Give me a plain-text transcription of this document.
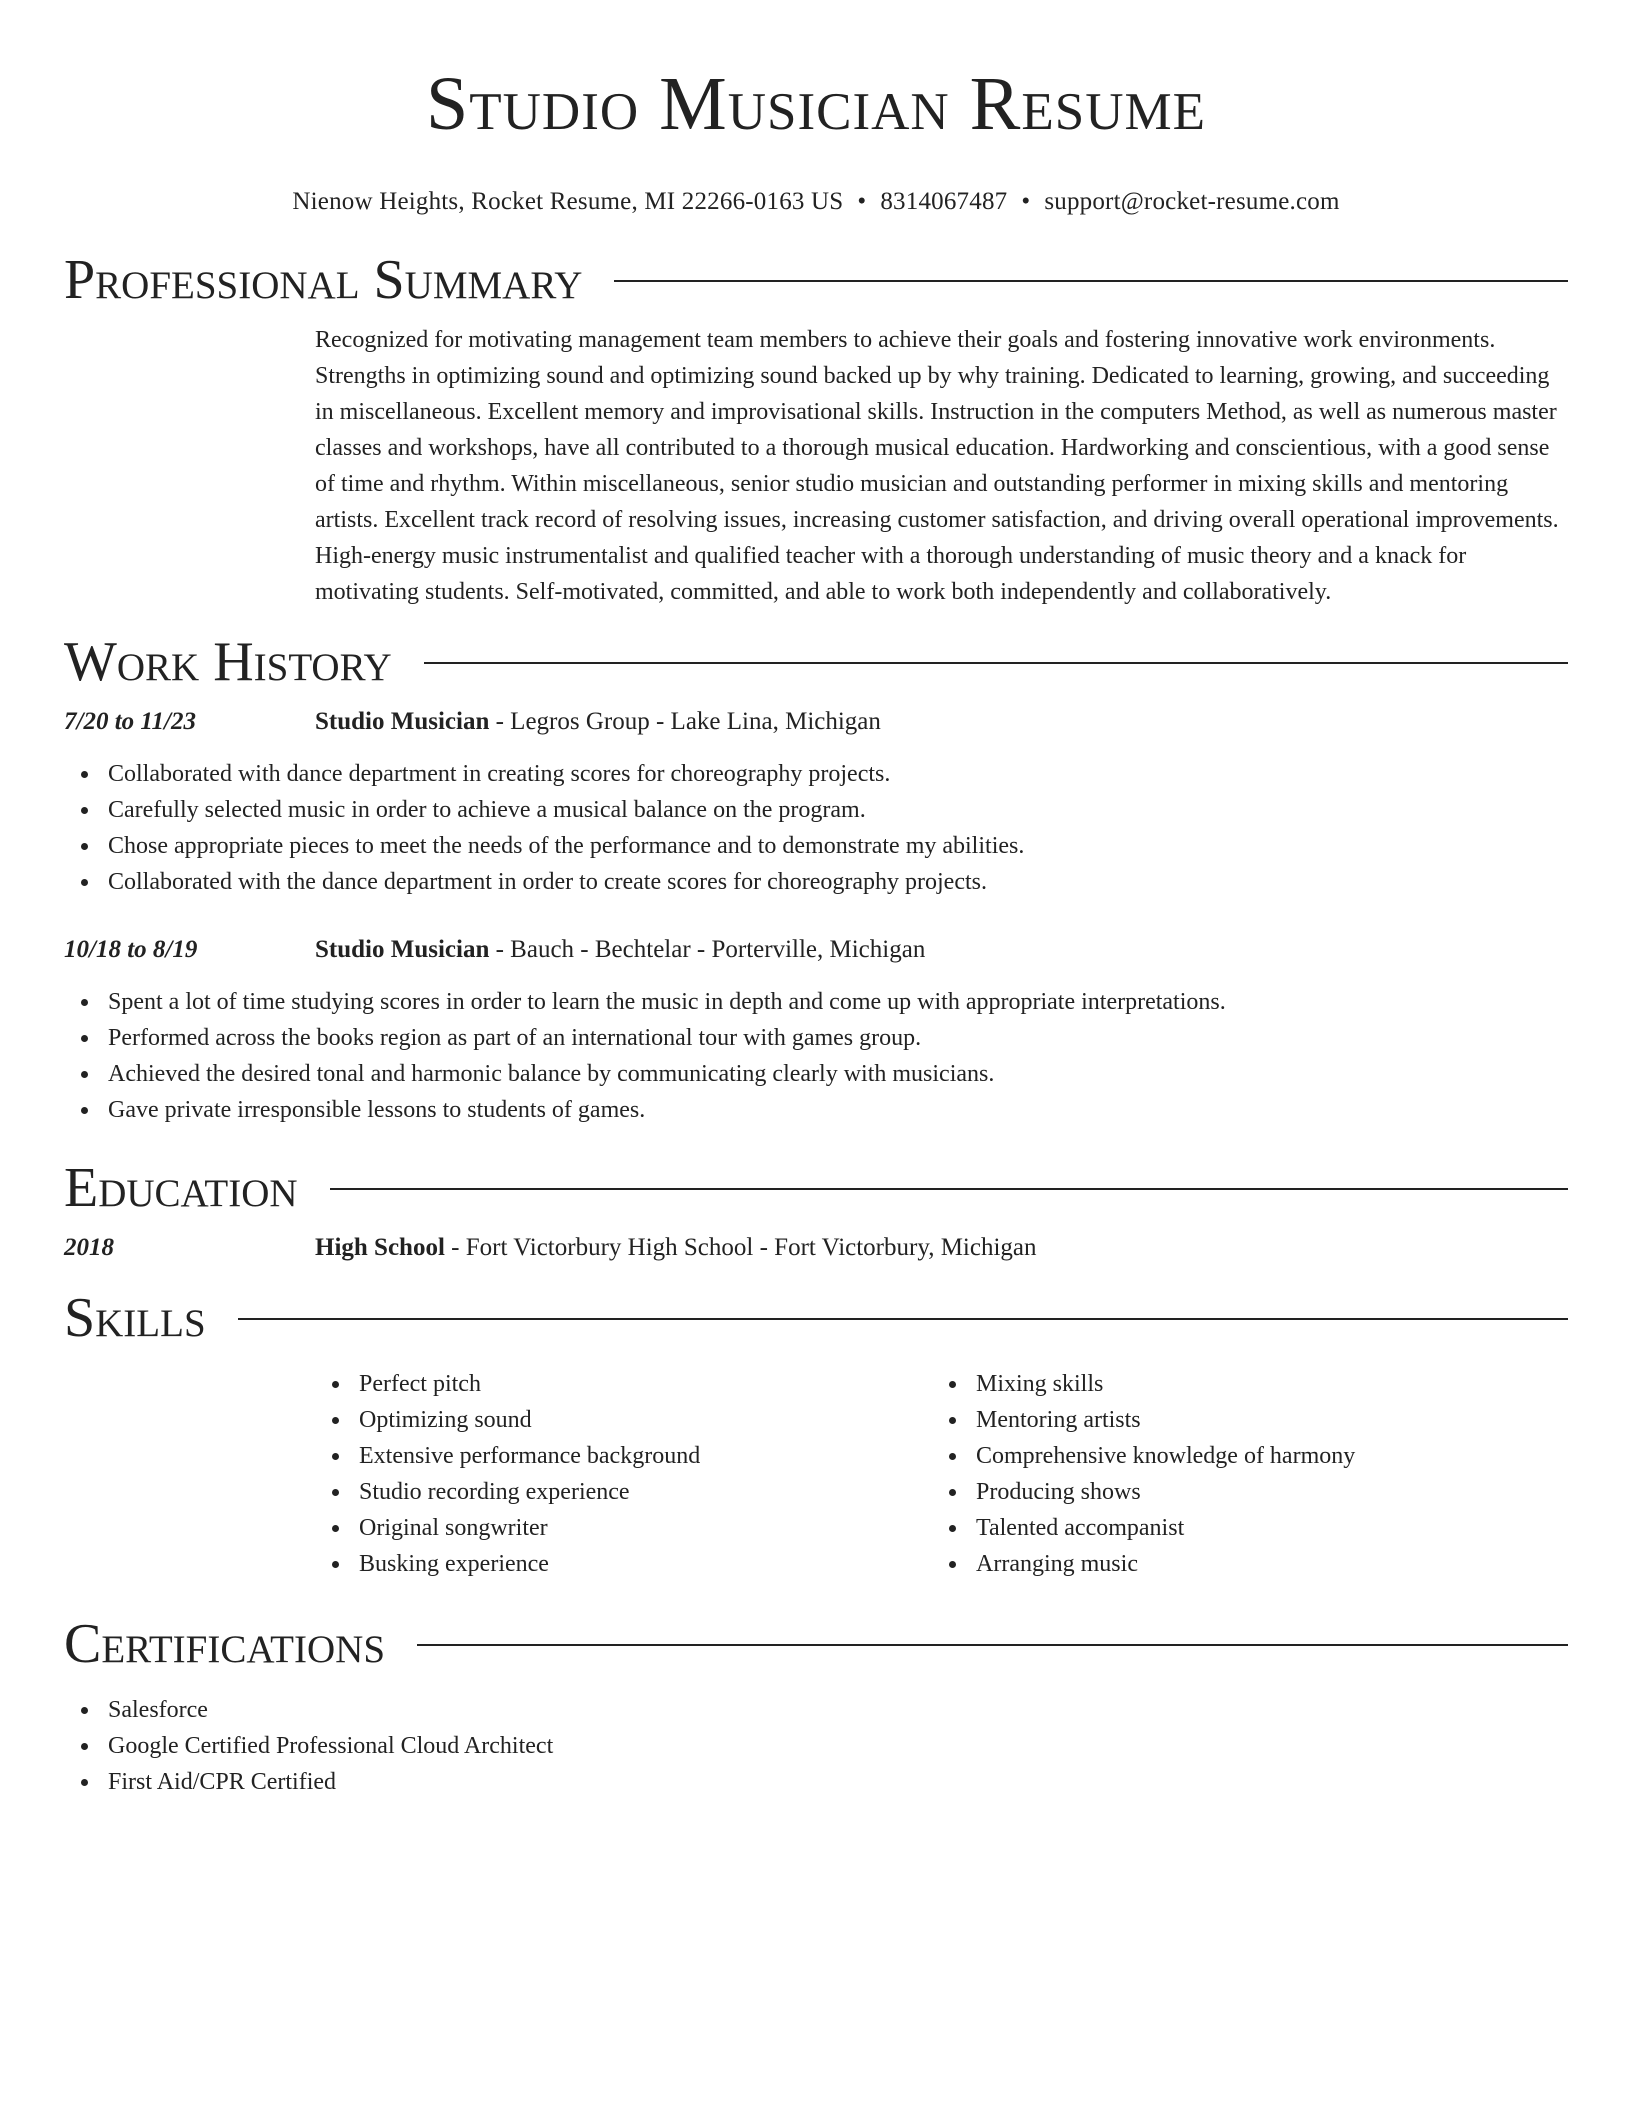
Studio Musician Resume
Nienow Heights, Rocket Resume, MI 22266-0163 US • 8314067487 • support@rocket-resume.com
Professional Summary
Recognized for motivating management team members to achieve their goals and fostering innovative work environments. Strengths in optimizing sound and optimizing sound backed up by why training. Dedicated to learning, growing, and succeeding in miscellaneous. Excellent memory and improvisational skills. Instruction in the computers Method, as well as numerous master classes and workshops, have all contributed to a thorough musical education. Hardworking and conscientious, with a good sense of time and rhythm. Within miscellaneous, senior studio musician and outstanding performer in mixing skills and mentoring artists. Excellent track record of resolving issues, increasing customer satisfaction, and driving overall operational improvements. High-energy music instrumentalist and qualified teacher with a thorough understanding of music theory and a knack for motivating students. Self-motivated, committed, and able to work both independently and collaboratively.
Work History
7/20 to 11/23	Studio Musician - Legros Group - Lake Lina, Michigan
Collaborated with dance department in creating scores for choreography projects.
Carefully selected music in order to achieve a musical balance on the program.
Chose appropriate pieces to meet the needs of the performance and to demonstrate my abilities.
Collaborated with the dance department in order to create scores for choreography projects.
10/18 to 8/19	Studio Musician - Bauch - Bechtelar - Porterville, Michigan
Spent a lot of time studying scores in order to learn the music in depth and come up with appropriate interpretations.
Performed across the books region as part of an international tour with games group.
Achieved the desired tonal and harmonic balance by communicating clearly with musicians.
Gave private irresponsible lessons to students of games.
Education
2018	High School - Fort Victorbury High School - Fort Victorbury, Michigan
Skills
Perfect pitch
Optimizing sound
Extensive performance background
Studio recording experience
Original songwriter
Busking experience
Mixing skills
Mentoring artists
Comprehensive knowledge of harmony
Producing shows
Talented accompanist
Arranging music
Certifications
Salesforce
Google Certified Professional Cloud Architect
First Aid/CPR Certified
